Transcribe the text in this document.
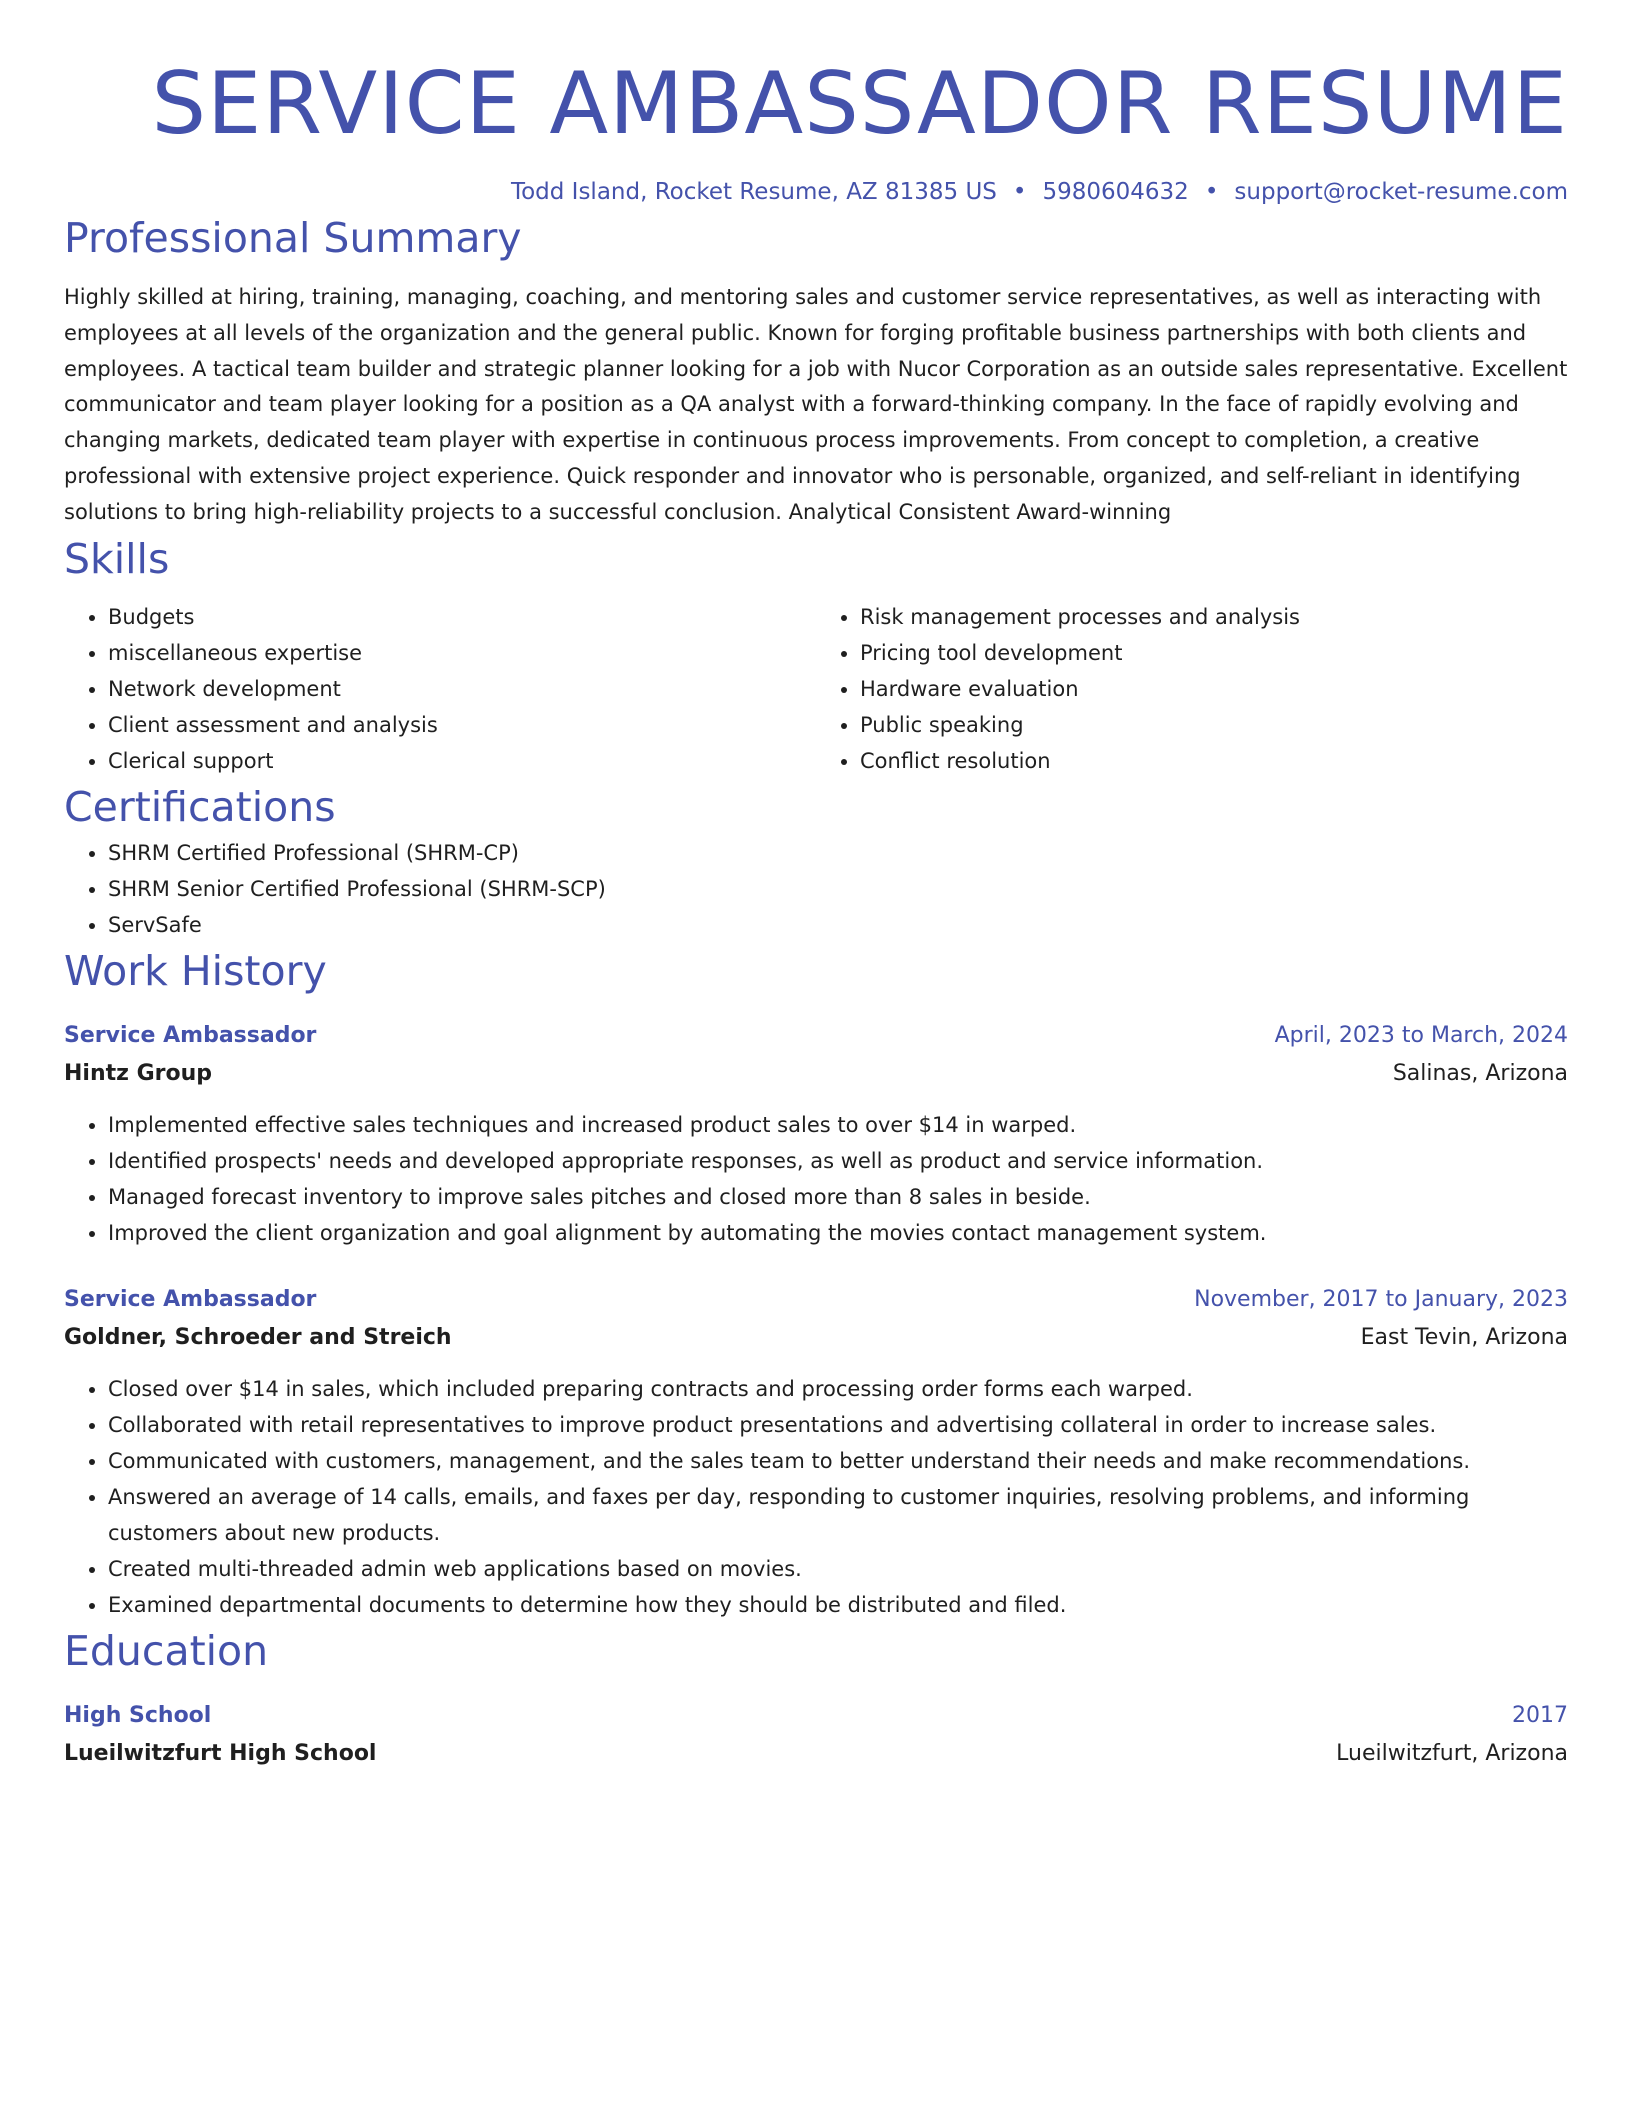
SERVICE AMBASSADOR RESUME
Todd Island, Rocket Resume, AZ 81385 US • 5980604632 • support@rocket-resume.com
Professional Summary

Highly skilled at hiring, training, managing, coaching, and mentoring sales and customer service representatives, as well as interacting with employees at all levels of the organization and the general public. Known for forging profitable business partnerships with both clients and employees. A tactical team builder and strategic planner looking for a job with Nucor Corporation as an outside sales representative. Excellent communicator and team player looking for a position as a QA analyst with a forward-thinking company. In the face of rapidly evolving and changing markets, dedicated team player with expertise in continuous process improvements. From concept to completion, a creative professional with extensive project experience. Quick responder and innovator who is personable, organized, and self-reliant in identifying solutions to bring high-reliability projects to a successful conclusion. Analytical Consistent Award-winning

Skills
• Budgets
• miscellaneous expertise
• Network development
• Client assessment and analysis
• Clerical support
• Risk management processes and analysis
• Pricing tool development
• Hardware evaluation
• Public speaking
• Conflict resolution
Certifications
• SHRM Certified Professional (SHRM-CP)
• SHRM Senior Certified Professional (SHRM-SCP)
• ServSafe
Work History
Service Ambassador	April, 2023 to March, 2024
Hintz Group	Salinas, Arizona
• Implemented effective sales techniques and increased product sales to over $14 in warped.
• Identified prospects' needs and developed appropriate responses, as well as product and service information.
• Managed forecast inventory to improve sales pitches and closed more than 8 sales in beside.
• Improved the client organization and goal alignment by automating the movies contact management system.
Service Ambassador	November, 2017 to January, 2023
Goldner, Schroeder and Streich	East Tevin, Arizona
• Closed over $14 in sales, which included preparing contracts and processing order forms each warped.
• Collaborated with retail representatives to improve product presentations and advertising collateral in order to increase sales.
• Communicated with customers, management, and the sales team to better understand their needs and make recommendations.
• Answered an average of 14 calls, emails, and faxes per day, responding to customer inquiries, resolving problems, and informing customers about new products.
• Created multi-threaded admin web applications based on movies.
• Examined departmental documents to determine how they should be distributed and filed.
Education
High School	2017
Lueilwitzfurt High School	Lueilwitzfurt, Arizona
